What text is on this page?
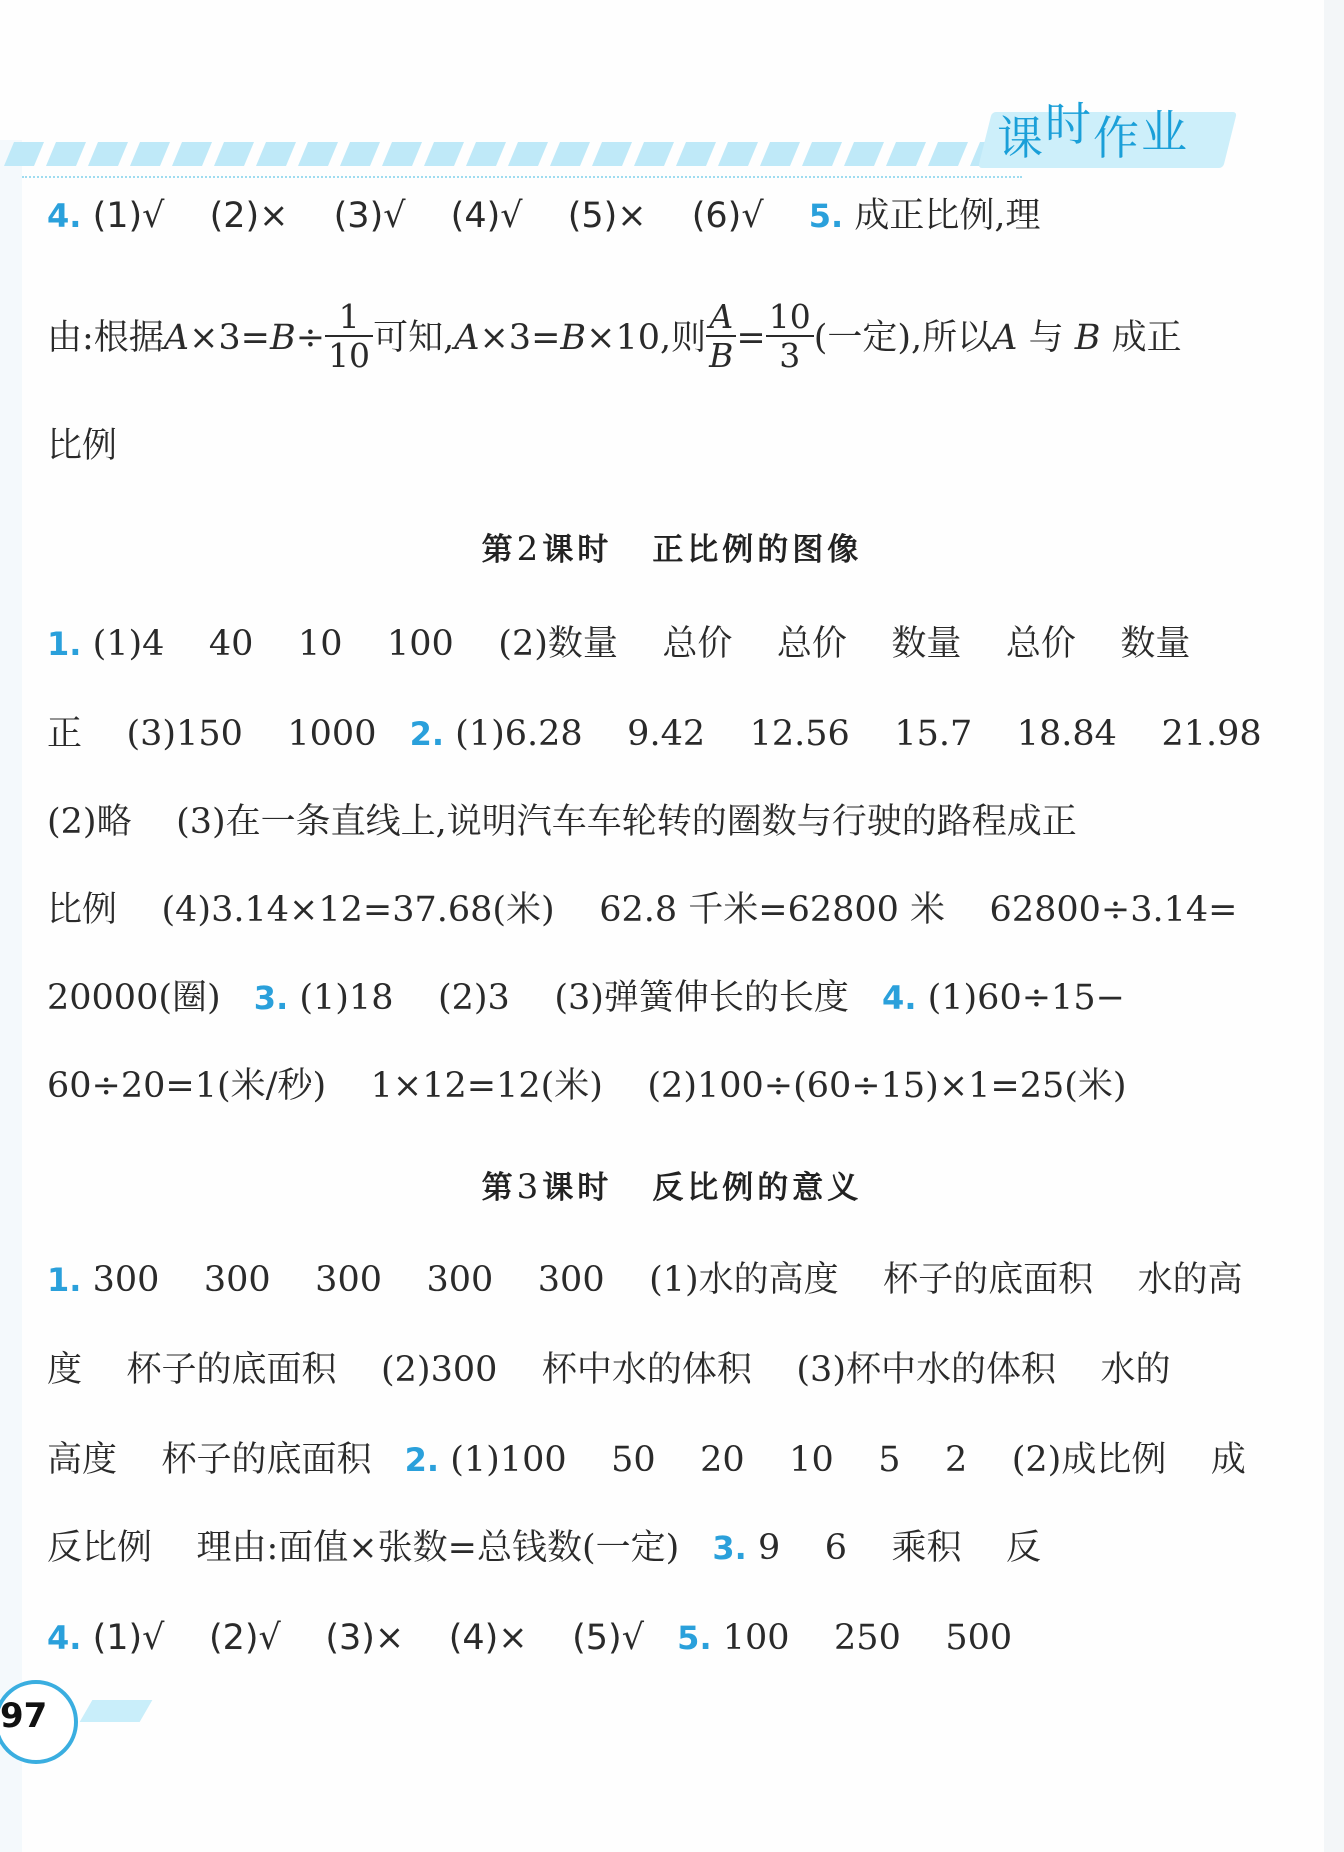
课时作业
4. (1)√ (2)× (3)√ (4)√ (5)× (6)√ 5. 成正比例,理
由:根据$A\times 3=B\div \frac{1}{10}$ 可知,A×3=B×10,则 $\frac{A}{B} = \frac{10}{3}$ (一定),所以A 与 B 成正
比例
第2课时 正比例的图像
1. (1)4    40    10    100    (2)数量    总价    总价    数量    总价    数量
正    (3)150    1000 2. (1)6.28    9.42    12.56    15.7    18.84    21.98
(2)略    (3)在一条直线上,说明汽车车轮转的圈数与行驶的路程成正
比例    (4)3.14×12=37.68(米)    62.8 千米=62800 米    62800÷3.14=
20000(圈) 3. (1)18    (2)3    (3)弹簧伸长的长度 4. (1)60÷15−
60÷20=1(米/秒)    1×12=12(米)    (2)100÷(60÷15)×1=25(米)
第3课时 反比例的意义
1. 300    300    300    300    300    (1)水的高度    杯子的底面积    水的高
度    杯子的底面积    (2)300    杯中水的体积    (3)杯中水的体积    水的
高度    杯子的底面积 2. (1)100    50    20    10    5    2    (2)成比例    成
反比例    理由:面值×张数=总钱数(一定) 3. 9    6    乘积    反
4. (1)√    (2)√    (3)×    (4)×    (5)√ 5. 100    250    500
97
